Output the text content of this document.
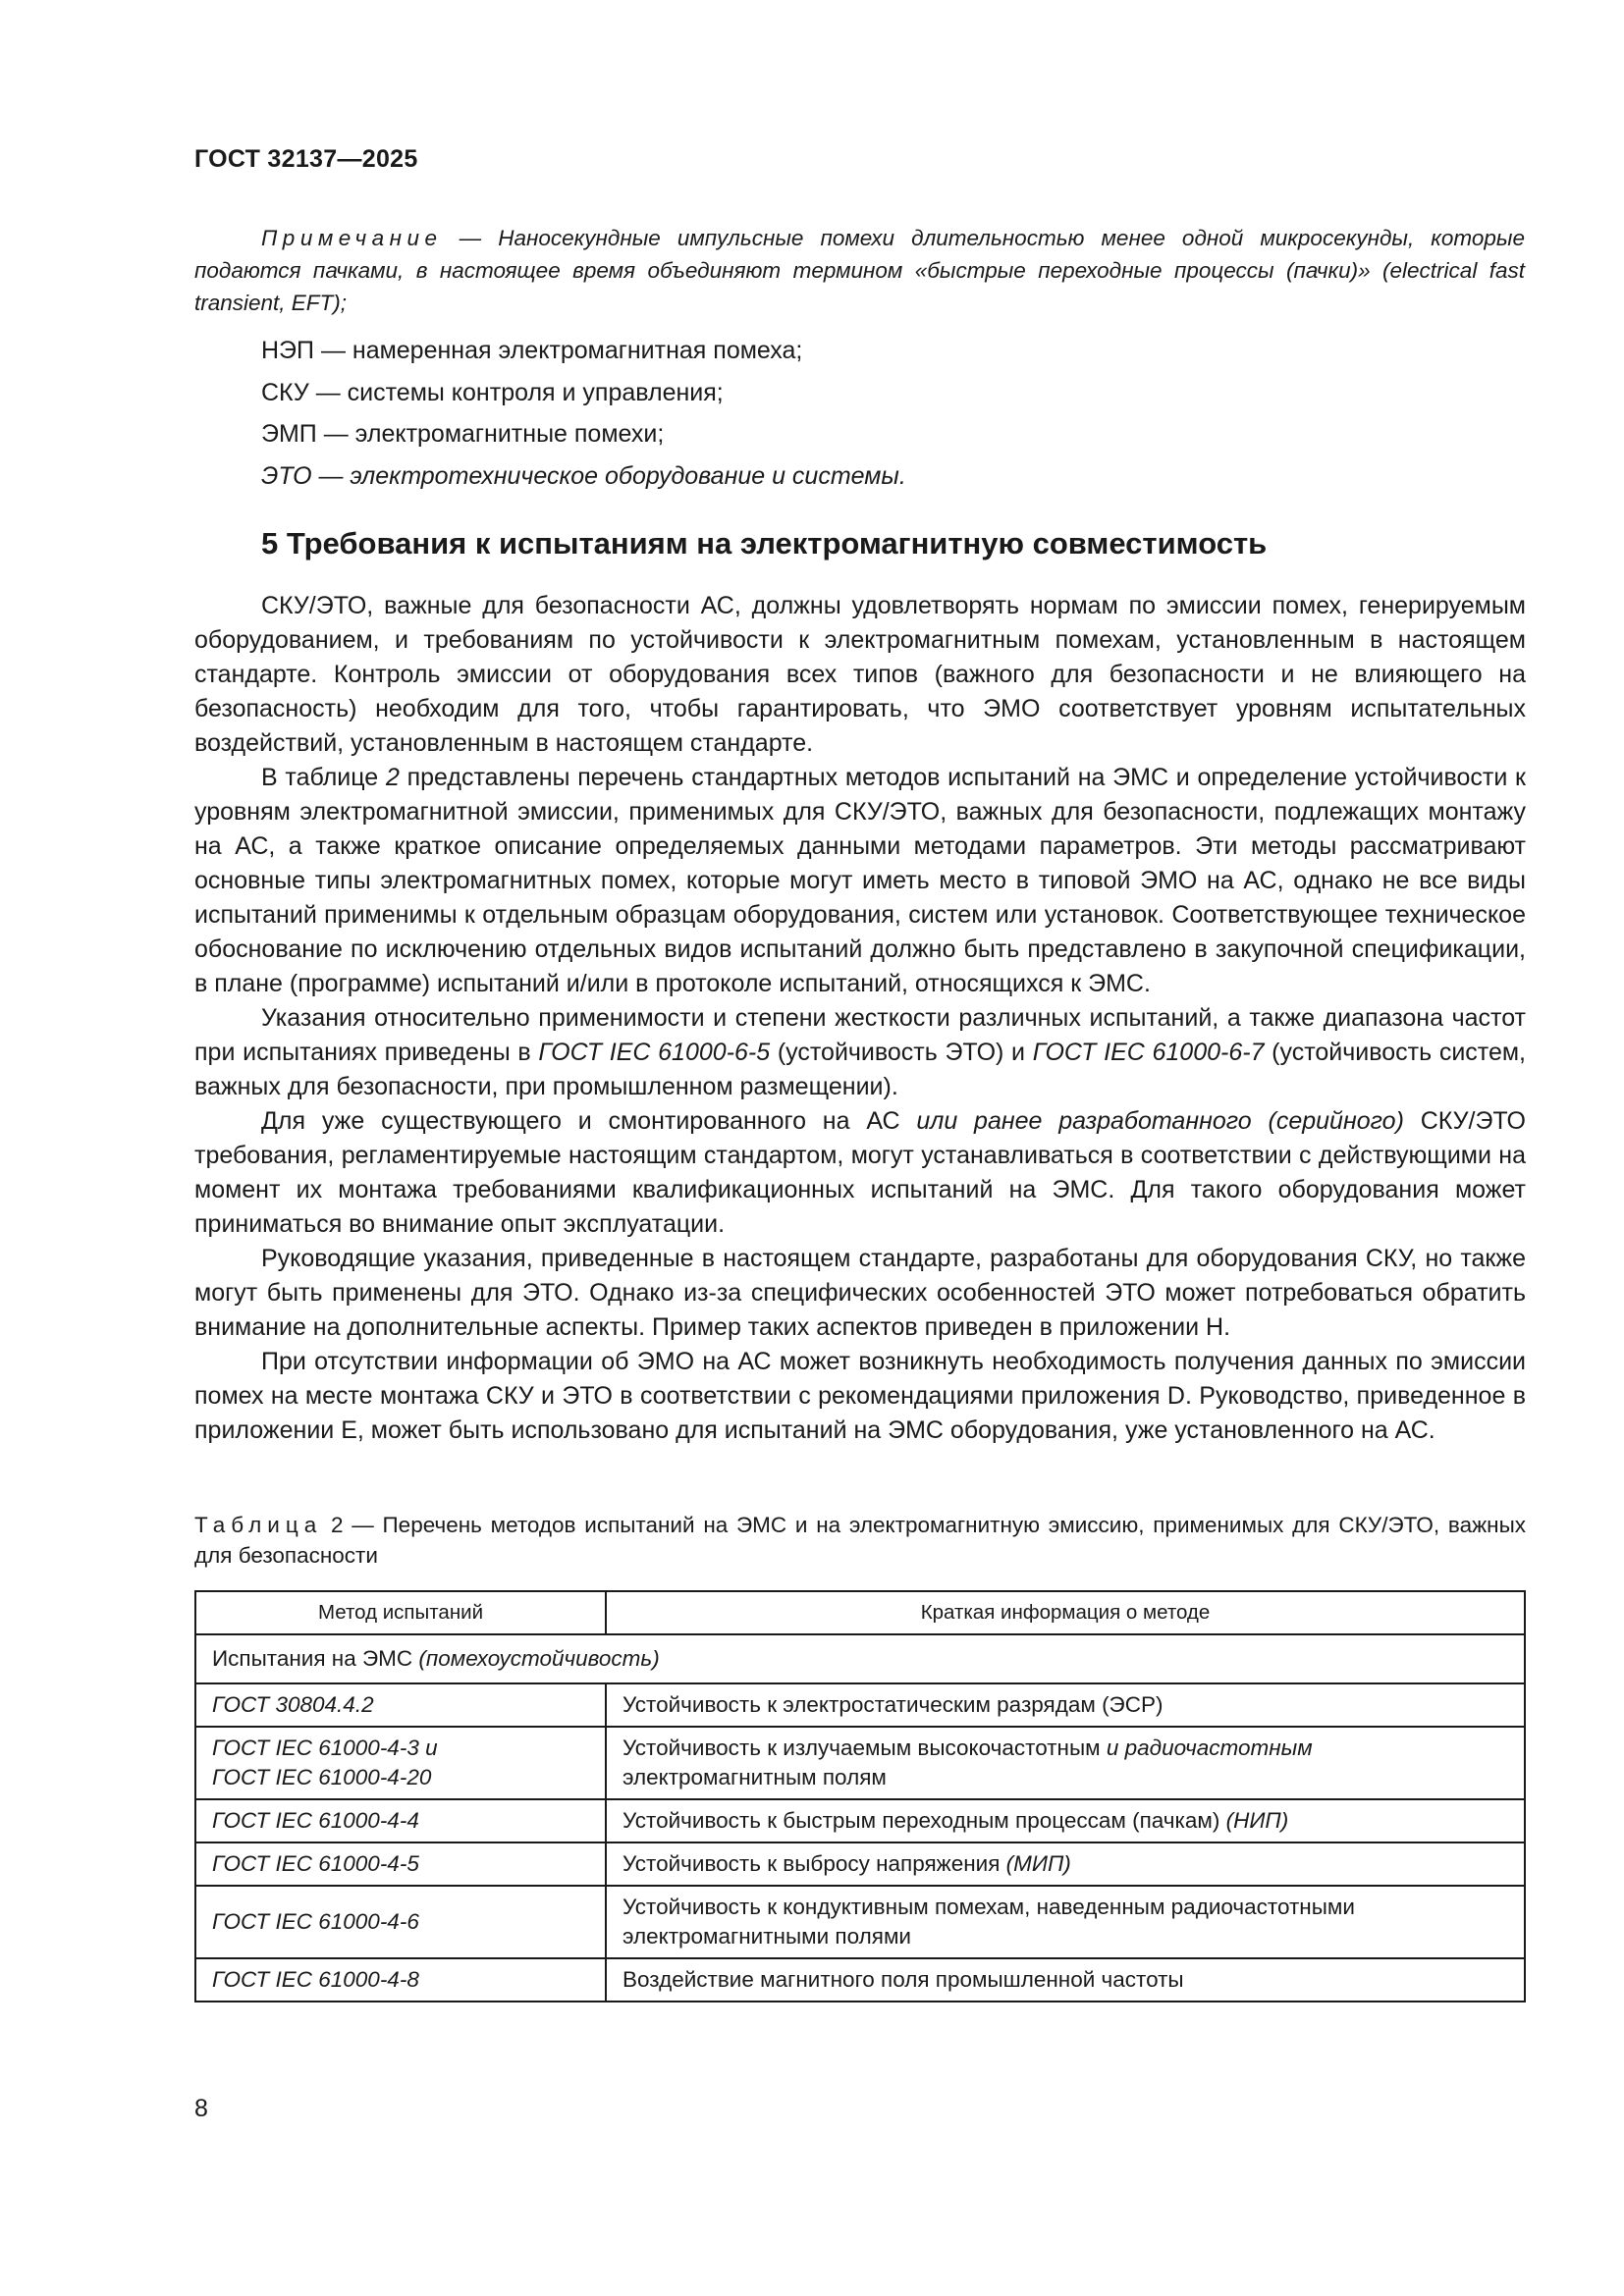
ГОСТ 32137—2025
Примечание — Наносекундные импульсные помехи длительностью менее одной микросекунды, которые подаются пачками, в настоящее время объединяют термином «быстрые переходные процессы (пачки)» (electrical fast transient, EFT);
НЭП — намеренная электромагнитная помеха;
СКУ — системы контроля и управления;
ЭМП — электромагнитные помехи;
ЭТО — электротехническое оборудование и системы.
5 Требования к испытаниям на электромагнитную совместимость

СКУ/ЭТО, важные для безопасности АС, должны удовлетворять нормам по эмиссии помех, генерируемым оборудованием, и требованиям по устойчивости к электромагнитным помехам, установленным в настоящем стандарте. Контроль эмиссии от оборудования всех типов (важного для безопасности и не влияющего на безопасность) необходим для того, чтобы гарантировать, что ЭМО соответствует уровням испытательных воздействий, установленным в настоящем стандарте.

В таблице 2 представлены перечень стандартных методов испытаний на ЭМС и определение устойчивости к уровням электромагнитной эмиссии, применимых для СКУ/ЭТО, важных для безопасности, подлежащих монтажу на АС, а также краткое описание определяемых данными методами параметров. Эти методы рассматривают основные типы электромагнитных помех, которые могут иметь место в типовой ЭМО на АС, однако не все виды испытаний применимы к отдельным образцам оборудования, систем или установок. Соответствующее техническое обоснование по исключению отдельных видов испытаний должно быть представлено в закупочной спецификации, в плане (программе) испытаний и/или в протоколе испытаний, относящихся к ЭМС.

Указания относительно применимости и степени жесткости различных испытаний, а также диапазона частот при испытаниях приведены в ГОСТ IEC 61000-6-5 (устойчивость ЭТО) и ГОСТ IEC 61000-6-7 (устойчивость систем, важных для безопасности, при промышленном размещении).

Для уже существующего и смонтированного на АС или ранее разработанного (серийного) СКУ/ЭТО требования, регламентируемые настоящим стандартом, могут устанавливаться в соответствии с действующими на момент их монтажа требованиями квалификационных испытаний на ЭМС. Для такого оборудования может приниматься во внимание опыт эксплуатации.

Руководящие указания, приведенные в настоящем стандарте, разработаны для оборудования СКУ, но также могут быть применены для ЭТО. Однако из-за специфических особенностей ЭТО может потребоваться обратить внимание на дополнительные аспекты. Пример таких аспектов приведен в приложении Н.

При отсутствии информации об ЭМО на АС может возникнуть необходимость получения данных по эмиссии помех на месте монтажа СКУ и ЭТО в соответствии с рекомендациями приложения D. Руководство, приведенное в приложении Е, может быть использовано для испытаний на ЭМС оборудования, уже установленного на АС.

Таблица 2 — Перечень методов испытаний на ЭМС и на электромагнитную эмиссию, применимых для СКУ/ЭТО, важных для безопасности
Метод испытаний	Краткая информация о методе
Испытания на ЭМС (помехоустойчивость)	
ГОСТ 30804.4.2	Устойчивость к электростатическим разрядам (ЭСР)
ГОСТ IEC 61000-4-3 и
ГОСТ IEC 61000-4-20	Устойчивость к излучаемым высокочастотным и радиочастотным электромагнитным полям
ГОСТ IEC 61000-4-4	Устойчивость к быстрым переходным процессам (пачкам) (НИП)
ГОСТ IEC 61000-4-5	Устойчивость к выбросу напряжения (МИП)
ГОСТ IEC 61000-4-6	Устойчивость к кондуктивным помехам, наведенным радиочастотными электромагнитными полями
ГОСТ IEC 61000-4-8	Воздействие магнитного поля промышленной частоты
8
